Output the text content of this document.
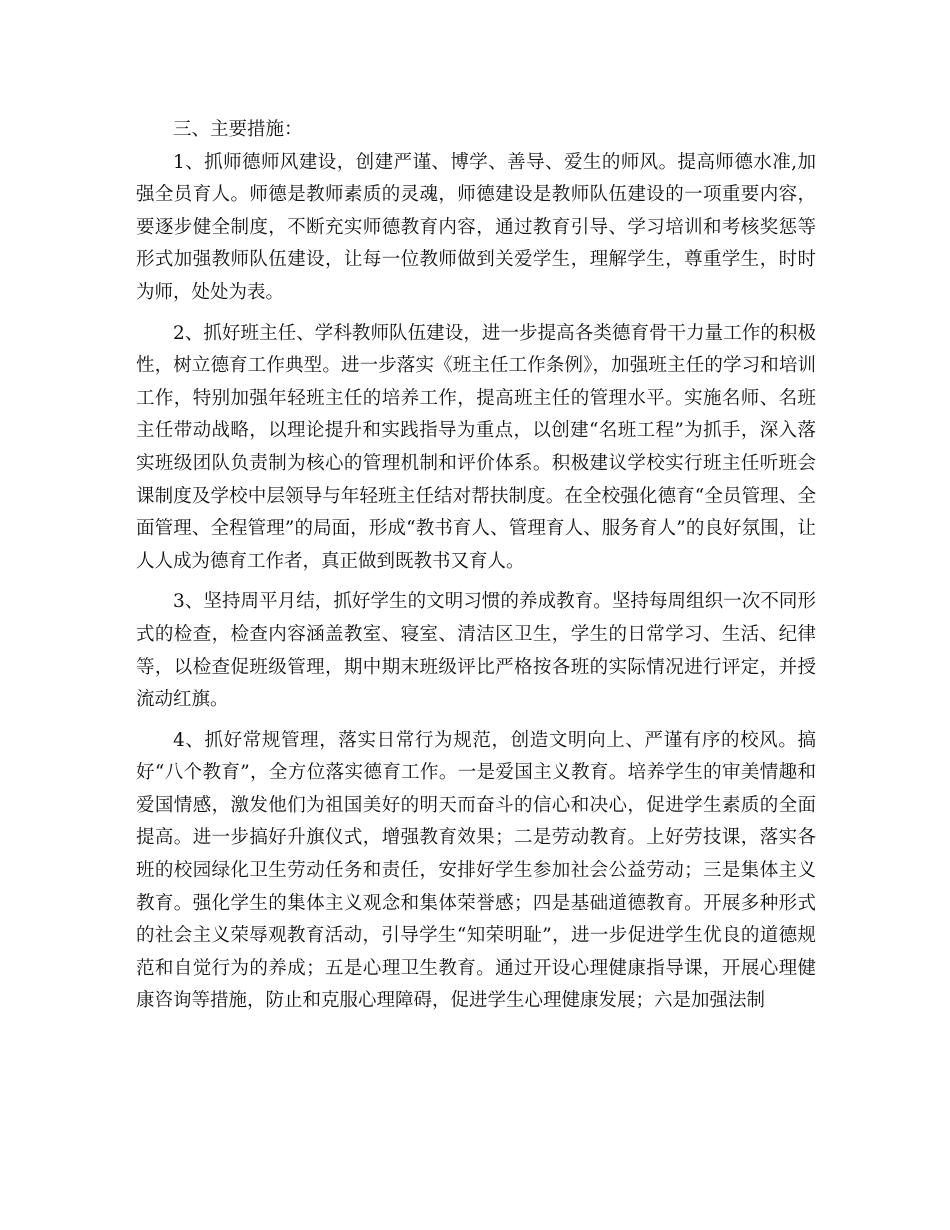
三、主要措施：

1、抓师德师风建设，创建严谨、博学、善导、爱生的师风。提高师德水准,加强全员育人。师德是教师素质的灵魂，师德建设是教师队伍建设的一项重要内容，要逐步健全制度，不断充实师德教育内容，通过教育引导、学习培训和考核奖惩等形式加强教师队伍建设，让每一位教师做到关爱学生，理解学生，尊重学生，时时为师，处处为表。

2、抓好班主任、学科教师队伍建设，进一步提高各类德育骨干力量工作的积极性，树立德育工作典型。进一步落实《班主任工作条例》，加强班主任的学习和培训工作，特别加强年轻班主任的培养工作，提高班主任的管理水平。实施名师、名班主任带动战略，以理论提升和实践指导为重点，以创建“名班工程”为抓手，深入落实班级团队负责制为核心的管理机制和评价体系。积极建议学校实行班主任听班会课制度及学校中层领导与年轻班主任结对帮扶制度。在全校强化德育“全员管理、全面管理、全程管理”的局面，形成“教书育人、管理育人、服务育人”的良好氛围，让人人成为德育工作者，真正做到既教书又育人。

3、坚持周平月结，抓好学生的文明习惯的养成教育。坚持每周组织一次不同形式的检查，检查内容涵盖教室、寝室、清洁区卫生，学生的日常学习、生活、纪律等，以检查促班级管理，期中期末班级评比严格按各班的实际情况进行评定，并授流动红旗。

4、抓好常规管理，落实日常行为规范，创造文明向上、严谨有序的校风。搞好“八个教育”，全方位落实德育工作。一是爱国主义教育。培养学生的审美情趣和爱国情感，激发他们为祖国美好的明天而奋斗的信心和决心，促进学生素质的全面提高。进一步搞好升旗仪式，增强教育效果；二是劳动教育。上好劳技课，落实各班的校园绿化卫生劳动任务和责任，安排好学生参加社会公益劳动；三是集体主义教育。强化学生的集体主义观念和集体荣誉感；四是基础道德教育。开展多种形式的社会主义荣辱观教育活动，引导学生“知荣明耻”，进一步促进学生优良的道德规范和自觉行为的养成；五是心理卫生教育。通过开设心理健康指导课，开展心理健康咨询等措施，防止和克服心理障碍，促进学生心理健康发展；六是加强法制
